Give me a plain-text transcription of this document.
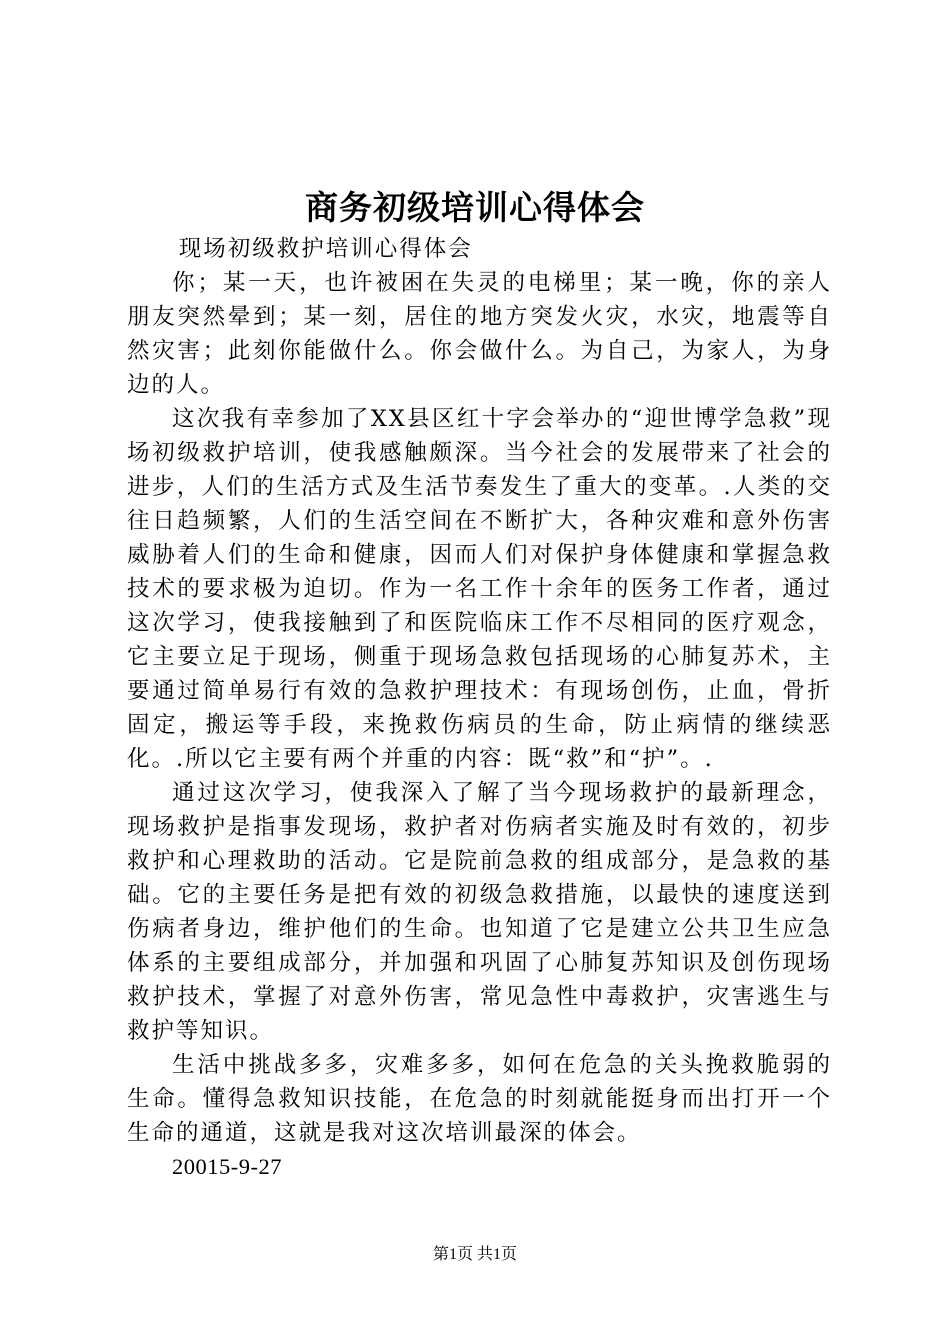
商务初级培训心得体会

现场初级救护培训心得体会

你；某一天，也许被困在失灵的电梯里；某一晚，你的亲人朋友突然晕到；某一刻，居住的地方突发火灾，水灾，地震等自然灾害；此刻你能做什么。你会做什么。为自己，为家人，为身边的人。

这次我有幸参加了XX县区红十字会举办的“迎世博学急救”现场初级救护培训，使我感触颇深。当今社会的发展带来了社会的进步，人们的生活方式及生活节奏发生了重大的变革。.人类的交往日趋频繁，人们的生活空间在不断扩大，各种灾难和意外伤害威胁着人们的生命和健康，因而人们对保护身体健康和掌握急救技术的要求极为迫切。作为一名工作十余年的医务工作者，通过这次学习，使我接触到了和医院临床工作不尽相同的医疗观念，它主要立足于现场，侧重于现场急救包括现场的心肺复苏术，主要通过简单易行有效的急救护理技术：有现场创伤，止血，骨折固定，搬运等手段，来挽救伤病员的生命，防止病情的继续恶化。.所以它主要有两个并重的内容：既“救”和“护”。.

通过这次学习，使我深入了解了当今现场救护的最新理念，现场救护是指事发现场，救护者对伤病者实施及时有效的，初步救护和心理救助的活动。它是院前急救的组成部分，是急救的基础。它的主要任务是把有效的初级急救措施，以最快的速度送到伤病者身边，维护他们的生命。也知道了它是建立公共卫生应急体系的主要组成部分，并加强和巩固了心肺复苏知识及创伤现场救护技术，掌握了对意外伤害，常见急性中毒救护，灾害逃生与救护等知识。

生活中挑战多多，灾难多多，如何在危急的关头挽救脆弱的生命。懂得急救知识技能，在危急的时刻就能挺身而出打开一个生命的通道，这就是我对这次培训最深的体会。

20015-9-27

第1页 共1页
